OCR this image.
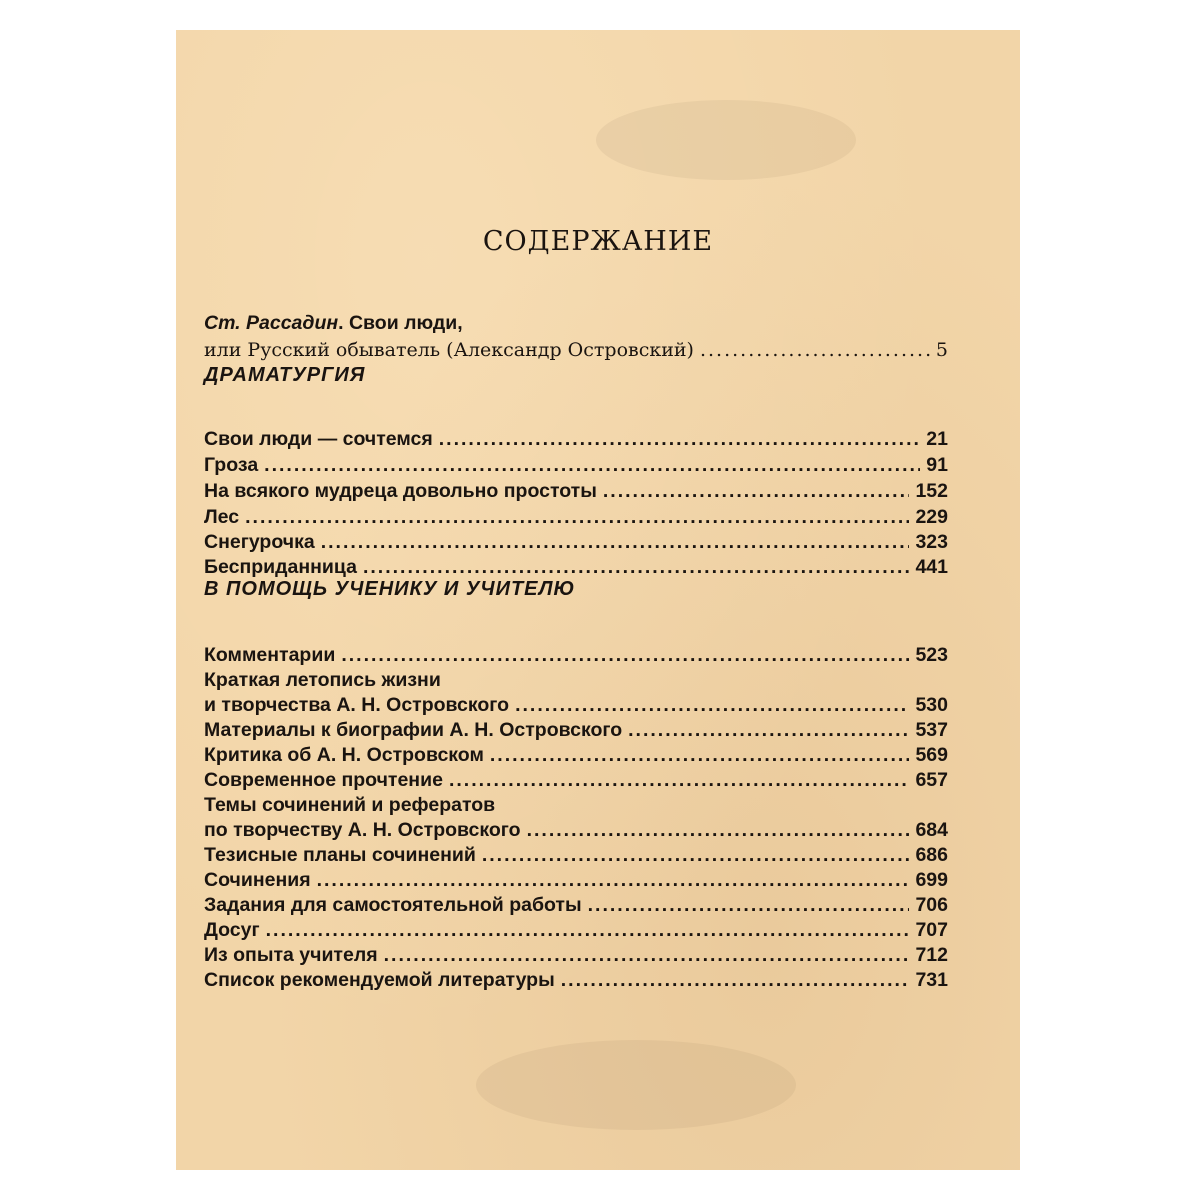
СОДЕРЖАНИЕ
Ст. Рассадин. Свои люди,
или Русский обыватель (Александр Островский) .....	5
ДРАМАТУРГИЯ
Свои люди — сочтемся .....	21
Гроза .....	91
На всякого мудреца довольно простоты .....	152
Лес .....	229
Снегурочка .....	323
Бесприданница .....	441
В ПОМОЩЬ УЧЕНИКУ И УЧИТЕЛЮ
Комментарии .....	523
Краткая летопись жизни
и творчества А. Н. Островского .....	530
Материалы к биографии А. Н. Островского .....	537
Критика об А. Н. Островском .....	569
Современное прочтение .....	657
Темы сочинений и рефератов
по творчеству А. Н. Островского .....	684
Тезисные планы сочинений .....	686
Сочинения .....	699
Задания для самостоятельной работы .....	706
Досуг .....	707
Из опыта учителя .....	712
Список рекомендуемой литературы .....	731
